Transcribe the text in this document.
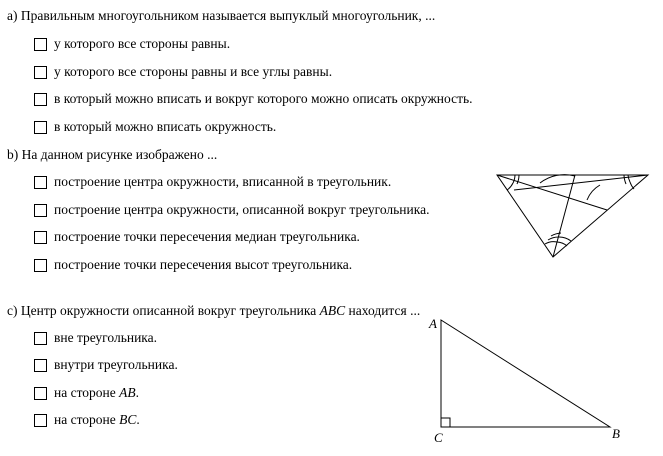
a) Правильным многоугольником называется выпуклый многоугольник, ...
у которого все стороны равны.
у которого все стороны равны и все углы равны.
в который можно вписать и вокруг которого можно описать окружность.
в который можно вписать окружность.
b) На данном рисунке изображено ...
построение центра окружности, вписанной в треугольник.
построение центра окружности, описанной вокруг треугольника.
построение точки пересечения медиан треугольника.
построение точки пересечения высот треугольника.
c) Центр окружности описанной вокруг треугольника ABC находится ...
вне треугольника.
внутри треугольника.
на стороне AB.
на стороне BC.
A
B
C
